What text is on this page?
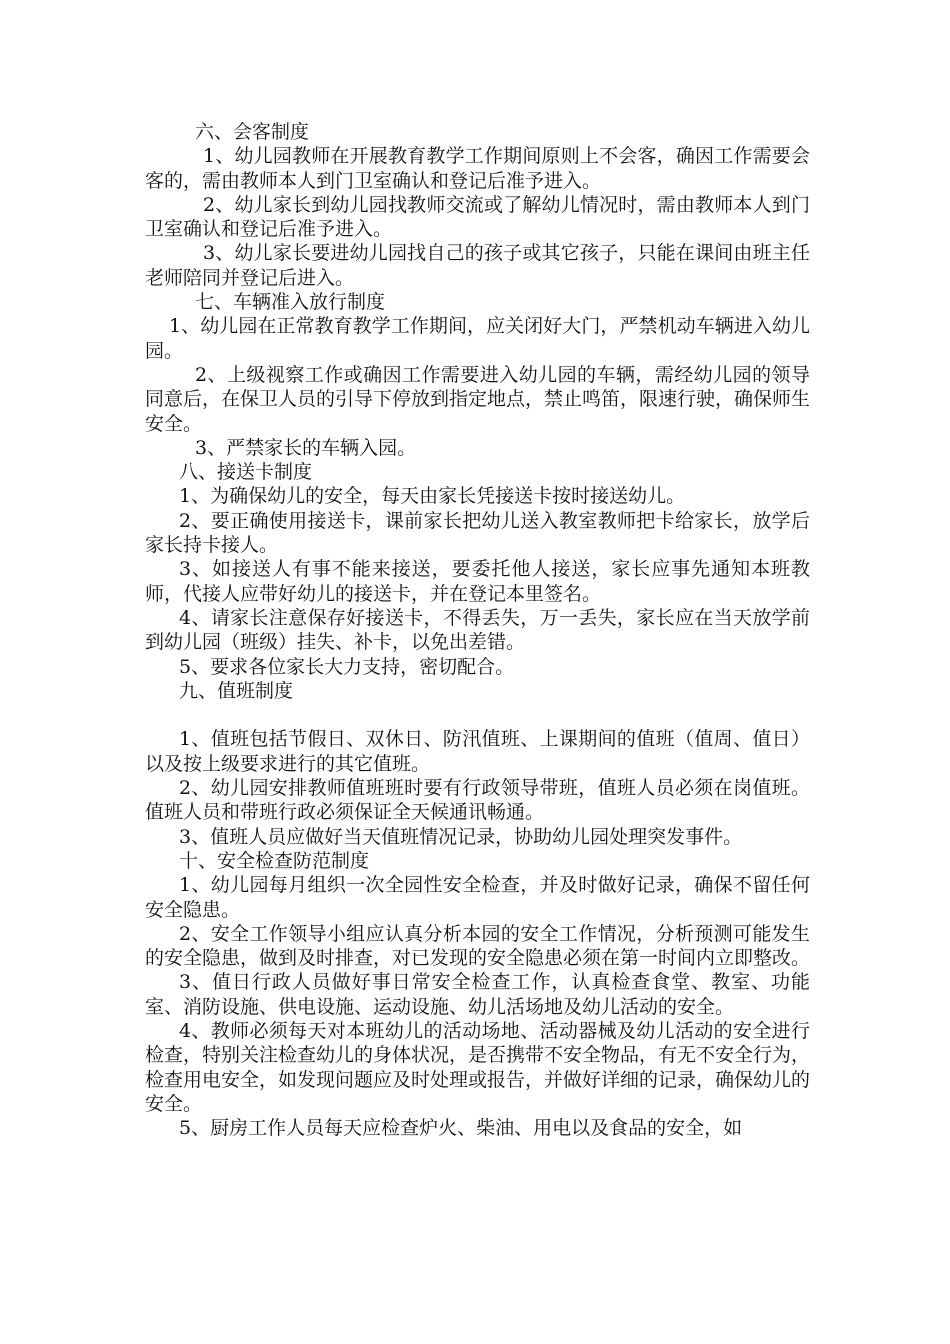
六、会客制度

1、幼儿园教师在开展教育教学工作期间原则上不会客，确因工作需要会客的，需由教师本人到门卫室确认和登记后准予进入。

2、幼儿家长到幼儿园找教师交流或了解幼儿情况时，需由教师本人到门卫室确认和登记后准予进入。

3、幼儿家长要进幼儿园找自己的孩子或其它孩子，只能在课间由班主任老师陪同并登记后进入。

七、车辆准入放行制度

1、幼儿园在正常教育教学工作期间，应关闭好大门，严禁机动车辆进入幼儿园。

2、上级视察工作或确因工作需要进入幼儿园的车辆，需经幼儿园的领导同意后，在保卫人员的引导下停放到指定地点，禁止鸣笛，限速行驶，确保师生安全。

3、严禁家长的车辆入园。

八、接送卡制度

1、为确保幼儿的安全，每天由家长凭接送卡按时接送幼儿。

2、要正确使用接送卡，课前家长把幼儿送入教室教师把卡给家长，放学后家长持卡接人。

3、如接送人有事不能来接送，要委托他人接送，家长应事先通知本班教师，代接人应带好幼儿的接送卡，并在登记本里签名。

4、请家长注意保存好接送卡，不得丢失，万一丢失，家长应在当天放学前到幼儿园（班级）挂失、补卡，以免出差错。

5、要求各位家长大力支持，密切配合。

九、值班制度

1、值班包括节假日、双休日、防汛值班、上课期间的值班（值周、值日）以及按上级要求进行的其它值班。

2、幼儿园安排教师值班班时要有行政领导带班，值班人员必须在岗值班。值班人员和带班行政必须保证全天候通讯畅通。

3、值班人员应做好当天值班情况记录，协助幼儿园处理突发事件。

十、安全检查防范制度

1、幼儿园每月组织一次全园性安全检查，并及时做好记录，确保不留任何安全隐患。

2、安全工作领导小组应认真分析本园的安全工作情况，分析预测可能发生的安全隐患，做到及时排查，对已发现的安全隐患必须在第一时间内立即整改。

3、值日行政人员做好事日常安全检查工作，认真检查食堂、教室、功能室、消防设施、供电设施、运动设施、幼儿活场地及幼儿活动的安全。

4、教师必须每天对本班幼儿的活动场地、活动器械及幼儿活动的安全进行检查，特别关注检查幼儿的身体状况，是否携带不安全物品，有无不安全行为，检查用电安全，如发现问题应及时处理或报告，并做好详细的记录，确保幼儿的安全。

5、厨房工作人员每天应检查炉火、柴油、用电以及食品的安全，如
